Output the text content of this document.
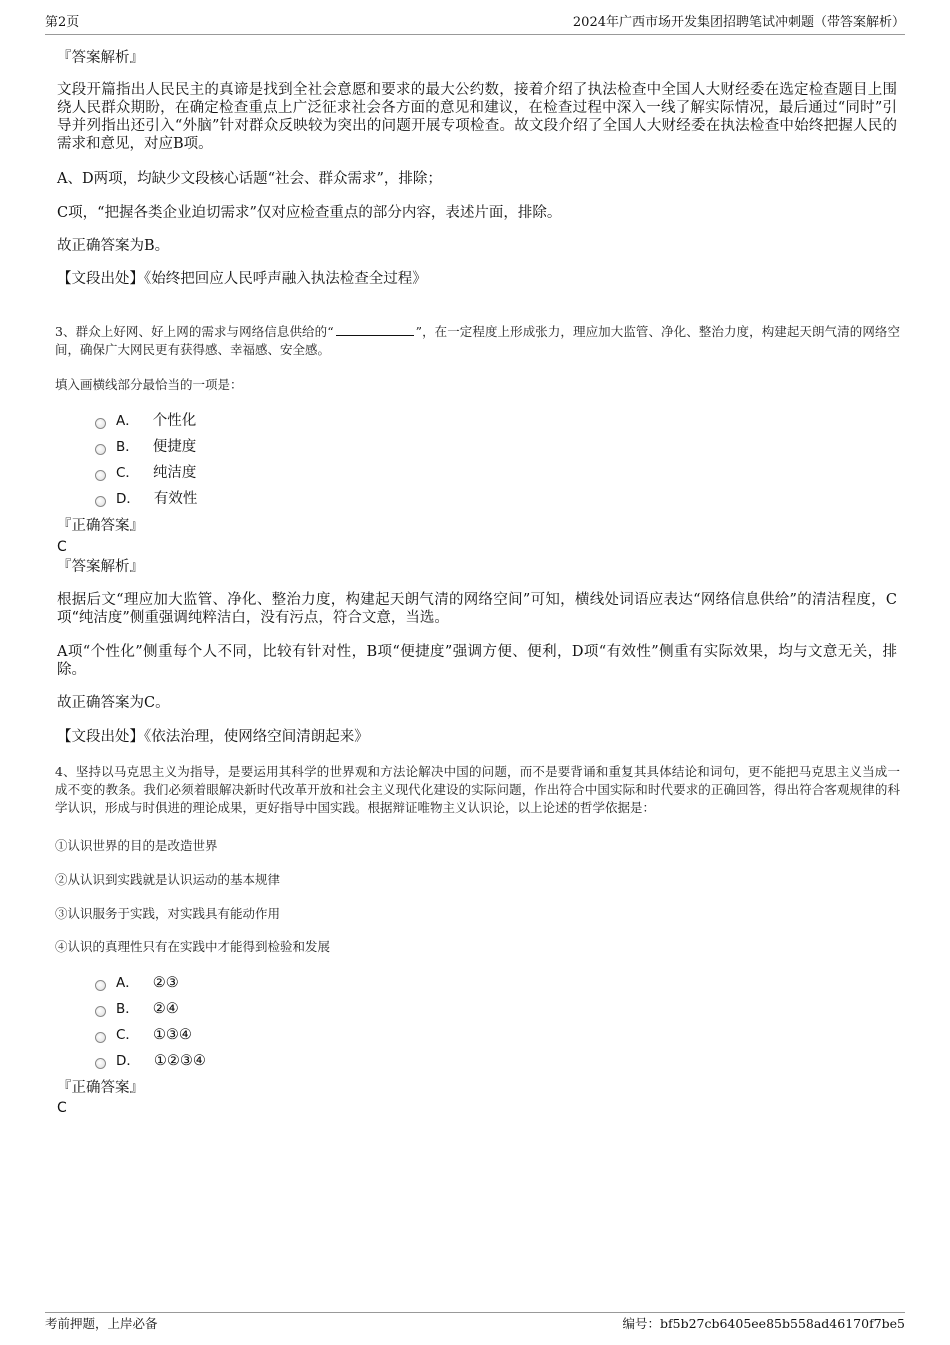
第2页	2024年广西市场开发集团招聘笔试冲刺题（带答案解析）
『答案解析』

文段开篇指出人民民主的真谛是找到全社会意愿和要求的最大公约数，接着介绍了执法检查中全国人大财经委在选定检查题目上围绕人民群众期盼，在确定检查重点上广泛征求社会各方面的意见和建议，在检查过程中深入一线了解实际情况，最后通过“同时”引导并列指出还引入“外脑”针对群众反映较为突出的问题开展专项检查。故文段介绍了全国人大财经委在执法检查中始终把握人民的需求和意见，对应B项。

A、D两项，均缺少文段核心话题“社会、群众需求”，排除；

C项，“把握各类企业迫切需求”仅对应检查重点的部分内容，表述片面，排除。

故正确答案为B。

【文段出处】《始终把回应人民呼声融入执法检查全过程》

3、群众上好网、好上网的需求与网络信息供给的“	”，在一定程度上形成张力，理应加大监管、净化、整治力度，构建起天朗气清的网络空间，确保广大网民更有获得感、幸福感、安全感。

填入画横线部分最恰当的一项是：

A． 个性化
B． 便捷度
C． 纯洁度
D． 有效性
『正确答案』
C
『答案解析』

根据后文“理应加大监管、净化、整治力度，构建起天朗气清的网络空间”可知，横线处词语应表达“网络信息供给”的清洁程度，C项“纯洁度”侧重强调纯粹洁白，没有污点，符合文意，当选。

A项“个性化”侧重每个人不同，比较有针对性，B项“便捷度”强调方便、便利，D项“有效性”侧重有实际效果，均与文意无关，排除。

故正确答案为C。

【文段出处】《依法治理，使网络空间清朗起来》

4、坚持以马克思主义为指导，是要运用其科学的世界观和方法论解决中国的问题，而不是要背诵和重复其具体结论和词句，更不能把马克思主义当成一成不变的教条。我们必须着眼解决新时代改革开放和社会主义现代化建设的实际问题，作出符合中国实际和时代要求的正确回答，得出符合客观规律的科学认识，形成与时俱进的理论成果，更好指导中国实践。根据辩证唯物主义认识论，以上论述的哲学依据是：

①认识世界的目的是改造世界

②从认识到实践就是认识运动的基本规律

③认识服务于实践，对实践具有能动作用

④认识的真理性只有在实践中才能得到检验和发展

A． ②③
B． ②④
C． ①③④
D． ①②③④
『正确答案』
C
考前押题，上岸必备	编号：bf5b27cb6405ee85b558ad46170f7be5
